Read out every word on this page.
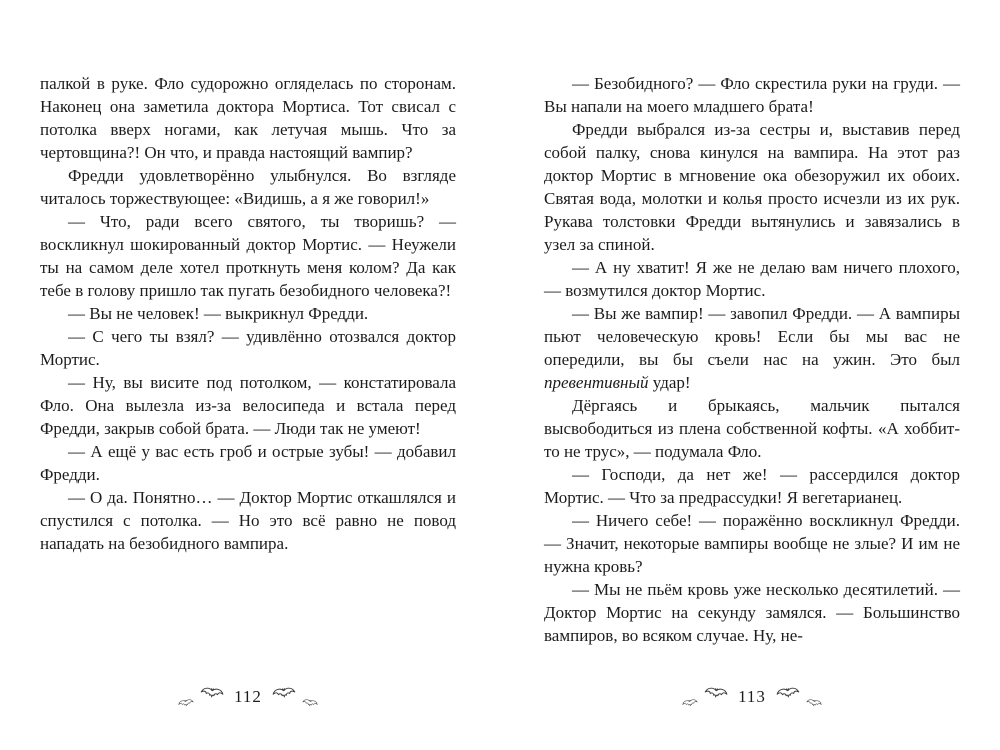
палкой в руке. Фло судорожно огляделась по сторонам. Наконец она заметила доктора Мортиса. Тот свисал с потолка вверх ногами, как летучая мышь. Что за чертовщина?! Он что, и правда настоящий вампир?

Фредди удовлетворённо улыбнулся. Во взгляде читалось торжествующее: «Видишь, а я же говорил!»

— Что, ради всего святого, ты творишь? — воскликнул шокированный доктор Мортис. — Неужели ты на самом деле хотел проткнуть меня колом? Да как тебе в голову пришло так пугать безобидного человека?!

— Вы не человек! — выкрикнул Фредди.

— С чего ты взял? — удивлённо отозвался доктор Мортис.

— Ну, вы висите под потолком, — констатировала Фло. Она вылезла из-за велосипеда и встала перед Фредди, закрыв собой брата. — Люди так не умеют!

— А ещё у вас есть гроб и острые зубы! — добавил Фредди.

— О да. Понятно… — Доктор Мортис откашлялся и спустился с потолка. — Но это всё равно не повод нападать на безобидного вампира.

112

— Безобидного? — Фло скрестила руки на груди. — Вы напали на моего младшего брата!

Фредди выбрался из-за сестры и, выставив перед собой палку, снова кинулся на вампира. На этот раз доктор Мортис в мгновение ока обезоружил их обоих. Святая вода, молотки и колья просто исчезли из их рук. Рукава толстовки Фредди вытянулись и завязались в узел за спиной.

— А ну хватит! Я же не делаю вам ничего плохого, — возмутился доктор Мортис.

— Вы же вампир! — завопил Фредди. — А вампиры пьют человеческую кровь! Если бы мы вас не опередили, вы бы съели нас на ужин. Это был превентивный удар!

Дёргаясь и брыкаясь, мальчик пытался высвободиться из плена собственной кофты. «А хоббит-то не трус», — подумала Фло.

— Господи, да нет же! — рассердился доктор Мортис. — Что за предрассудки! Я вегетарианец.

— Ничего себе! — поражённо воскликнул Фредди. — Значит, некоторые вампиры вообще не злые? И им не нужна кровь?

— Мы не пьём кровь уже несколько десятилетий. — Доктор Мортис на секунду замялся. — Большинство вампиров, во всяком случае. Ну, не-

113
